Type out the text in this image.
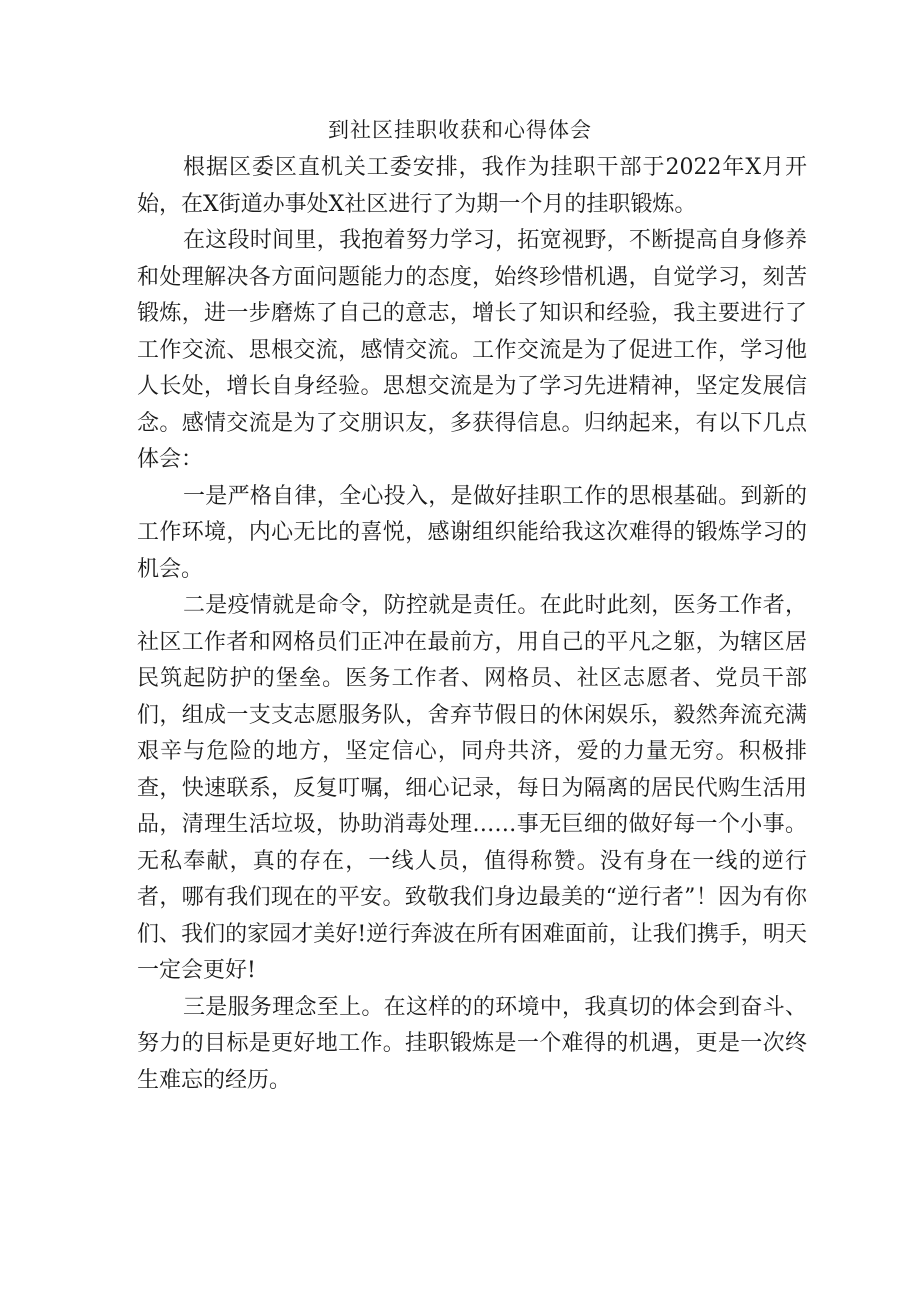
到社区挂职收获和心得体会

根据区委区直机关工委安排，我作为挂职干部于2022年X月开始，在X街道办事处X社区进行了为期一个月的挂职锻炼。

在这段时间里，我抱着努力学习，拓宽视野，不断提高自身修养和处理解决各方面问题能力的态度，始终珍惜机遇，自觉学习，刻苦锻炼，进一步磨炼了自己的意志，增长了知识和经验，我主要进行了工作交流、思根交流，感情交流。工作交流是为了促进工作，学习他人长处，增长自身经验。思想交流是为了学习先进精神，坚定发展信念。感情交流是为了交朋识友，多获得信息。归纳起来，有以下几点体会：

一是严格自律，全心投入，是做好挂职工作的思根基础。到新的工作环境，内心无比的喜悦，感谢组织能给我这次难得的锻炼学习的机会。

二是疫情就是命令，防控就是责任。在此时此刻，医务工作者，社区工作者和网格员们正冲在最前方，用自己的平凡之躯，为辖区居民筑起防护的堡垒。医务工作者、网格员、社区志愿者、党员干部们，组成一支支志愿服务队，舍弃节假日的休闲娱乐，毅然奔流充满艰辛与危险的地方，坚定信心，同舟共济，爱的力量无穷。积极排查，快速联系，反复叮嘱，细心记录，每日为隔离的居民代购生活用品，清理生活垃圾，协助消毒处理……事无巨细的做好每一个小事。无私奉献，真的存在，一线人员，值得称赞。没有身在一线的逆行者，哪有我们现在的平安。致敬我们身边最美的“逆行者”！因为有你们、我们的家园才美好!逆行奔波在所有困难面前，让我们携手，明天一定会更好!

三是服务理念至上。在这样的的环境中，我真切的体会到奋斗、努力的目标是更好地工作。挂职锻炼是一个难得的机遇，更是一次终生难忘的经历。
